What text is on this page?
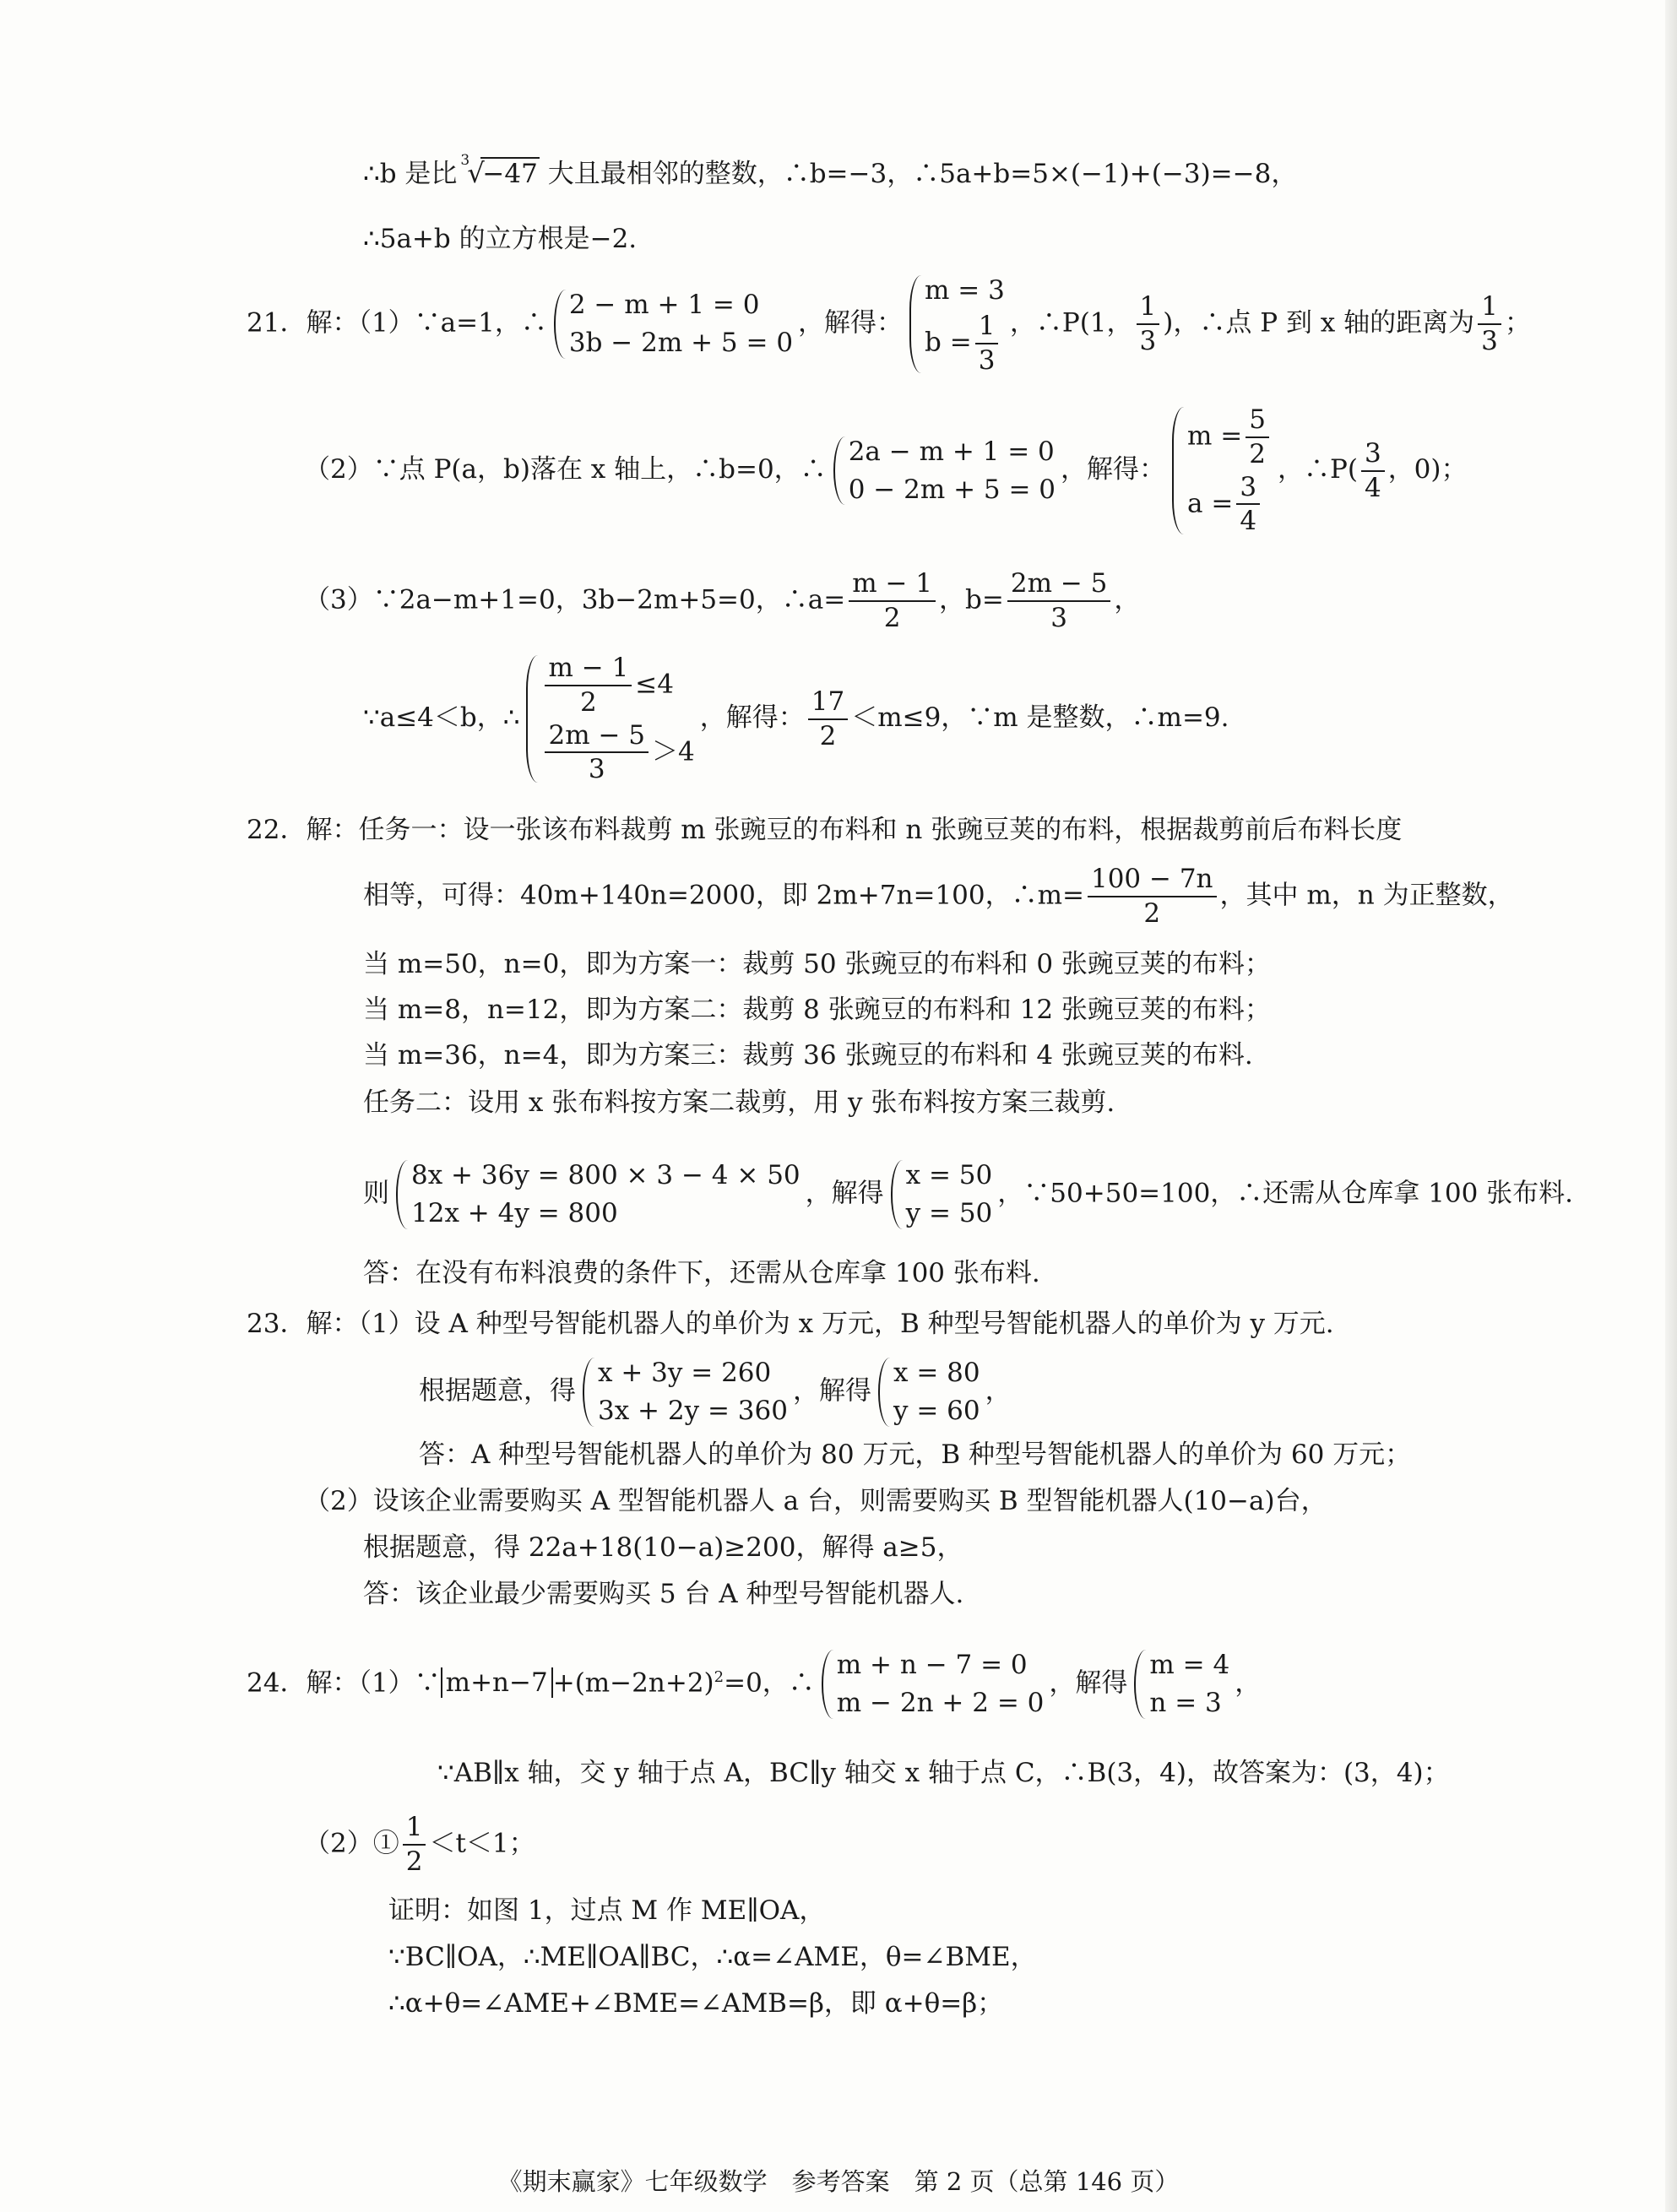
∴b 是比
√ 3 −47 大且最相邻的整数，∴b=−3，∴5a+b=5×(−1)+(−3)=−8，
∴5a+b 的立方根是−2.
21．解：（1）∵a=1，∴
2 − m + 1 = 0
3b − 2m + 5 = 0
，解得：
m = 3
$b = \frac{1}{3}$ ，∴P(1， $\frac{1}{3}$ )，∴点 P 到 x 轴的距离为 $\frac{1}{3}$ ；
（2）∵点 P(a，b)落在 x 轴上，∴b=0，∴
2a − m + 1 = 0
0 − 2m + 5 = 0
，解得：
$m = \frac{5}{2}$
$a = \frac{3}{4}$
，∴P( $\frac{3}{4}$ ，0)；
（3）∵2a−m+1=0，3b−2m+5=0，∴a= $\frac{m - 1}{2}$ ，$b= \frac{2m - 5}{3}$ ，
∵a≤4＜b，∴ $\frac{m - 1}{2} \le 4$
$\frac{2m - 5}{3} >4$
，解得： $\frac{17}{2} <m\le 9$，∵m 是整数，∴m=9.
22．解：任务一：设一张该布料裁剪 m 张豌豆的布料和 n 张豌豆荚的布料，根据裁剪前后布料长度
相等，可得：40m+140n=2000，即 2m+7n=100，∴m= $\frac{100 - 7n}{2}$ ，其中 m，n 为正整数，
当 m=50，n=0，即为方案一：裁剪 50 张豌豆的布料和 0 张豌豆荚的布料；
当 m=8，n=12，即为方案二：裁剪 8 张豌豆的布料和 12 张豌豆荚的布料；
当 m=36，n=4，即为方案三：裁剪 36 张豌豆的布料和 4 张豌豆荚的布料.
任务二：设用 x 张布料按方案二裁剪，用 y 张布料按方案三裁剪.
则
8x + 36y = 800 × 3 − 4 × 50
12x + 4y = 800
，解得
x = 50
y = 50
，∵50+50=100，∴还需从仓库拿 100 张布料.
答：在没有布料浪费的条件下，还需从仓库拿 100 张布料.
23．解：（1）设 A 种型号智能机器人的单价为 x 万元，B 种型号智能机器人的单价为 y 万元.
根据题意，得
x + 3y = 260
3x + 2y = 360
，解得
x = 80
y = 60
，
答：A 种型号智能机器人的单价为 80 万元，B 种型号智能机器人的单价为 60 万元；
（2）设该企业需要购买 A 型智能机器人 a 台，则需要购买 B 型智能机器人(10−a)台，
根据题意，得 22a+18(10−a)≥200，解得 a≥5，
答：该企业最少需要购买 5 台 A 种型号智能机器人.
24．解：（1）∵ $m+n-7 +(m-2n+2)^2=0$，∴
m + n − 7 = 0
m − 2n + 2 = 0
，解得
m = 4
n = 3
，
∵AB∥x 轴，交 y 轴于点 A，BC∥y 轴交 x 轴于点 C，∴B(3，4)，故答案为：(3，4)；
（2）① $\frac{1}{2} <t<1$；
证明：如图 1，过点 M 作 ME∥OA，
∵BC∥OA，∴ME∥OA∥BC，∴α=∠AME，θ=∠BME，
∴α+θ=∠AME+∠BME=∠AMB=β，即 α+θ=β；
《期末赢家》七年级数学　参考答案　第 2 页（总第 146 页）
